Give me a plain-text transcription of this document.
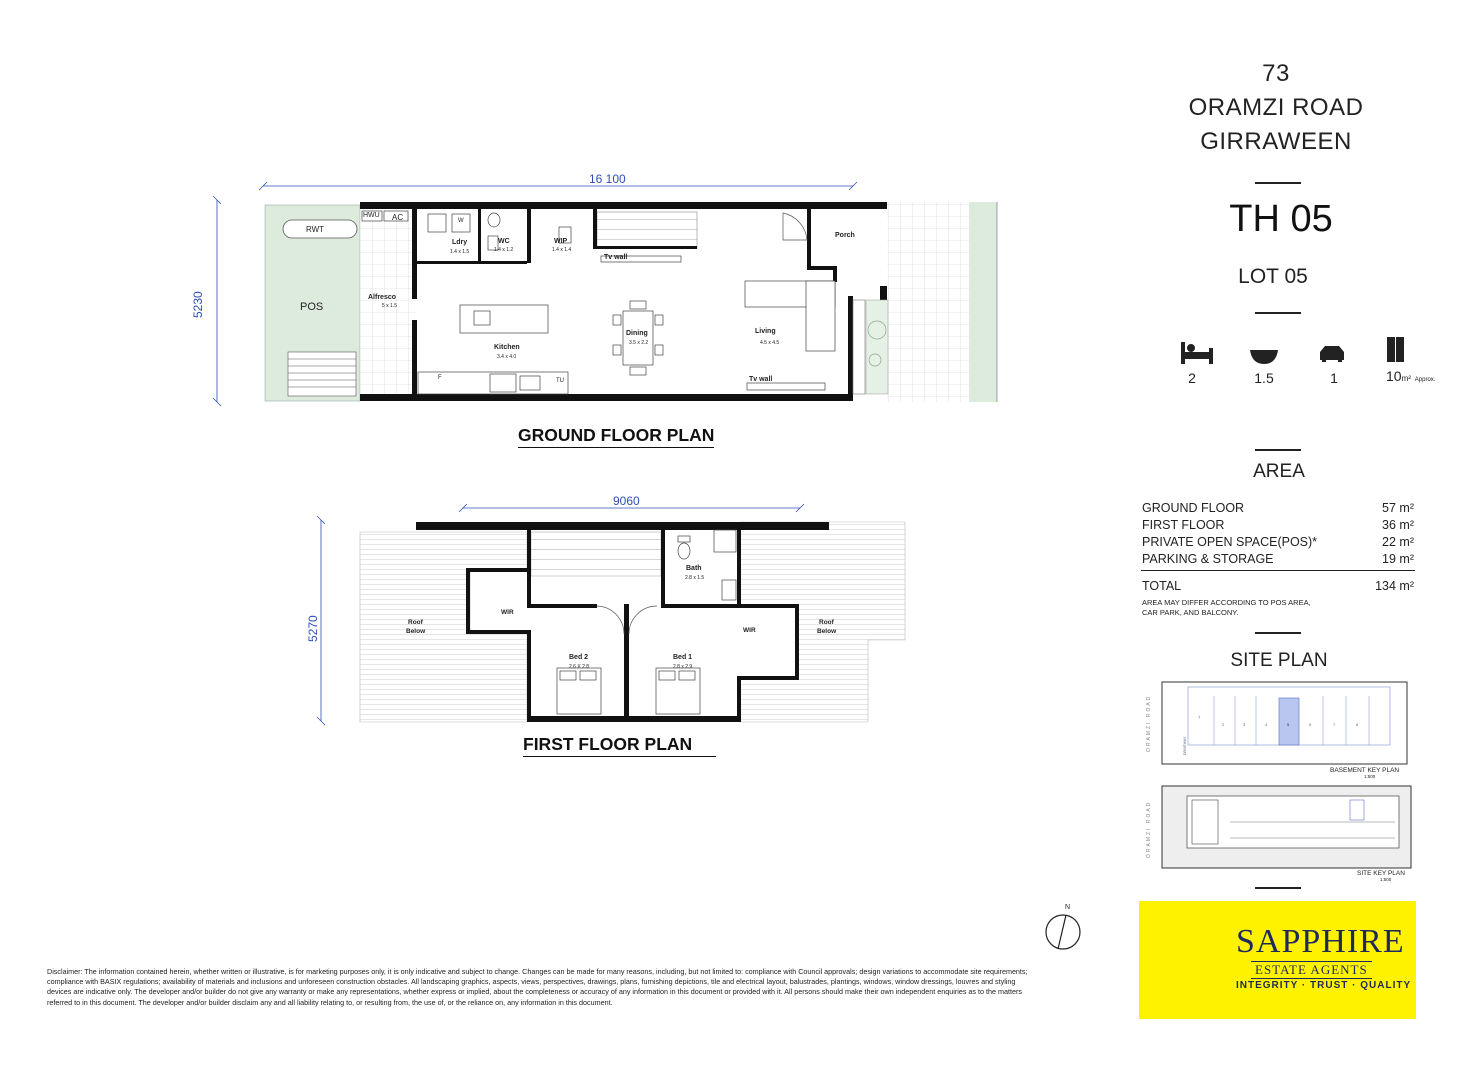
16 100
5230
RWT
POS
Alfresco
5 x 1.5
HWU AC
Ldry
1.4 x 1.5
W
WC
1.4 x 1.2
WIP
1.4 x 1.4
Tv wall
Porch
Kitchen
3.4 x 4.0
Dining
3.5 x 2.2
Living
4.5 x 4.5
Tv wall
F	TU
GROUND FLOOR PLAN
9060
5270	Roof
Below
Roof
Below
WIR
WIR
Bath
2.8 x 1.5
Bed 2
2.6 X 2.8
Bed 1
2.8 x 2.9
FIRST FLOOR PLAN
N
73
ORAMZI ROAD
GIRRAWEEN
TH 05
LOT 05
2	1.5	1	10m² Approx.
AREA
GROUND FLOOR	57 m²
FIRST FLOOR	36 m²
PRIVATE OPEN SPACE(POS)*	22 m²
PARKING & STORAGE	19 m²
TOTAL	134 m²
AREA MAY DIFFER ACCORDING TO POS AREA,
CAR PARK, AND BALCONY.
SITE PLAN
BASEMENT KEY PLAN
1:500
SITE KEY PLAN
1:500
ORAMZI ROAD
ORAMZI ROAD
DRIVEWAY
1
2	3	4	5	6	7	8
SAPPHIRE
ESTATE AGENTS
INTEGRITY · TRUST · QUALITY
Disclaimer: The information contained herein, whether written or illustrative, is for marketing purposes only, it is only indicative and subject to change. Changes can be made for many reasons, including, but not limited to: compliance with Council approvals; design variations to accommodate site requirements;
compliance with BASIX regulations; availability of materials and inclusions and unforeseen construction obstacles. All landscaping graphics, aspects, views, perspectives, drawings, plans, furnishing depictions, tile and electrical layout, balustrades, plantings, windows, window dressings, louvres and styling
devices are indicative only. The developer and/or builder do not give any warranty or make any representations, whether express or implied, about the completeness or accuracy of any information in this document or provided with it. All persons should make their own independent enquiries as to the matters
referred to in this document. The developer and/or builder disclaim any and all liability relating to, or resulting from, the use of, or the reliance on, any information in this document.
